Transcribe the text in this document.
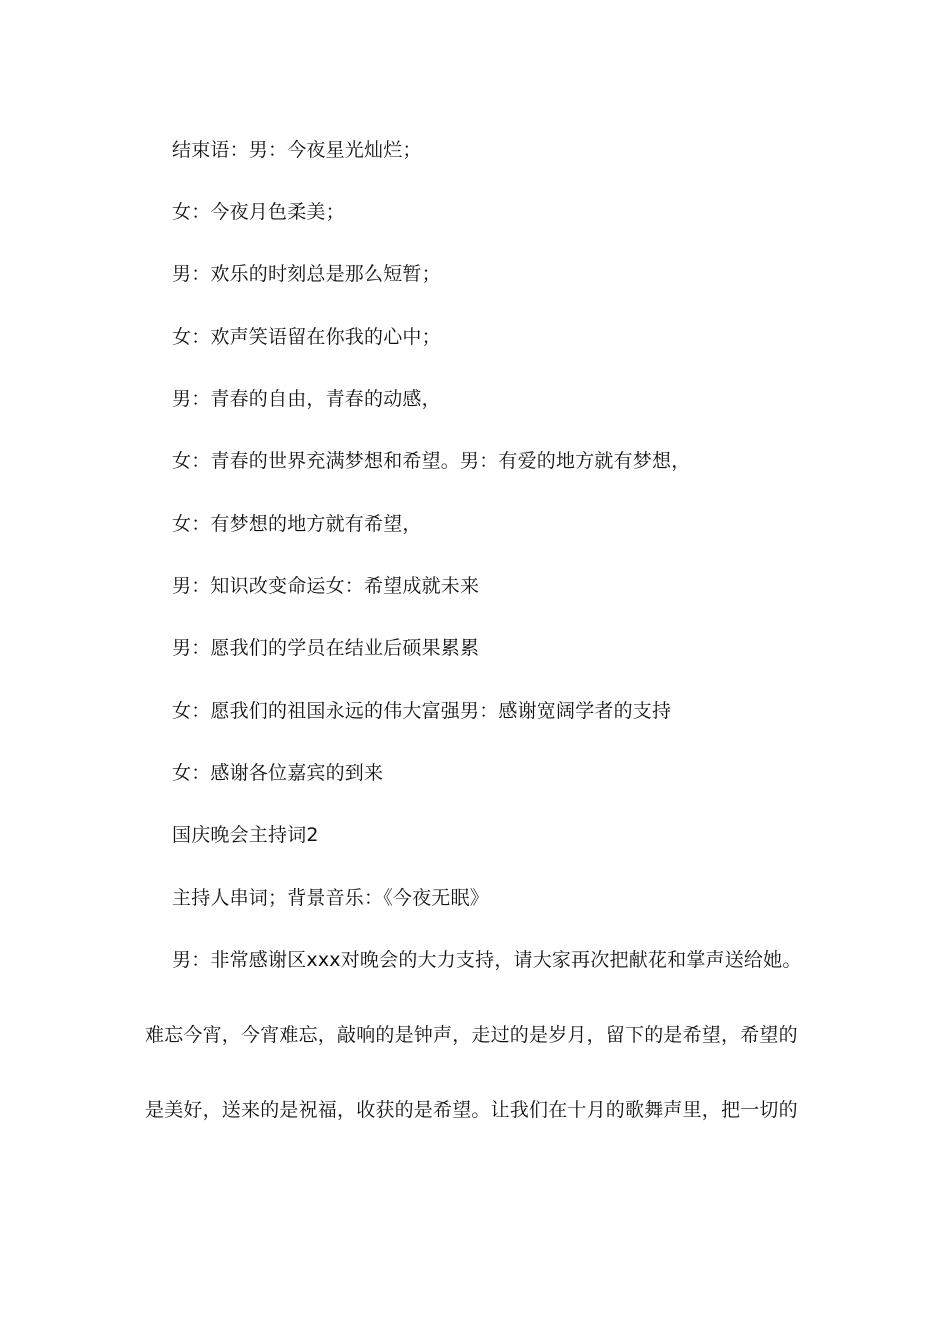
结束语：男：今夜星光灿烂；
女：今夜月色柔美；
男：欢乐的时刻总是那么短暂；
女：欢声笑语留在你我的心中；
男：青春的自由，青春的动感，
女：青春的世界充满梦想和希望。男：有爱的地方就有梦想，
女：有梦想的地方就有希望，
男：知识改变命运女：希望成就未来
男：愿我们的学员在结业后硕果累累
女：愿我们的祖国永远的伟大富强男：感谢宽阔学者的支持
女：感谢各位嘉宾的到来
国庆晚会主持词2
主持人串词；背景音乐：《今夜无眠》
男：非常感谢区xxx对晚会的大力支持，请大家再次把献花和掌声送给她。
难忘今宵，今宵难忘，敲响的是钟声，走过的是岁月，留下的是希望，希望的
是美好，送来的是祝福，收获的是希望。让我们在十月的歌舞声里，把一切的
